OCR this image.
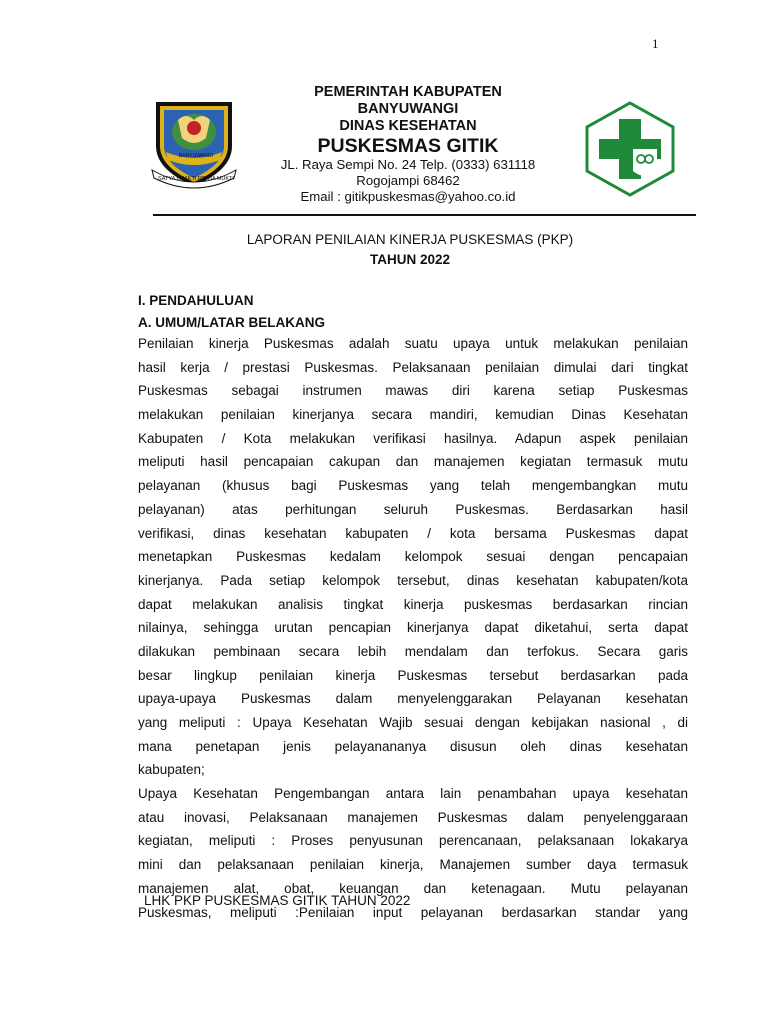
1
BANYUWANGI
SATYA BHAKTI PRAJA MUKTI
PEMERINTAH KABUPATEN
BANYUWANGI
DINAS KESEHATAN
PUSKESMAS GITIK
JL. Raya Sempi No. 24 Telp. (0333) 631118
Rogojampi 68462
Email : gitikpuskesmas@yahoo.co.id
LAPORAN PENILAIAN KINERJA PUSKESMAS (PKP)
TAHUN 2022
I. PENDAHULUAN
A. UMUM/LATAR BELAKANG
Penilaian kinerja Puskesmas adalah suatu upaya untuk melakukan penilaian
hasil kerja / prestasi Puskesmas. Pelaksanaan penilaian dimulai dari tingkat
Puskesmas sebagai instrumen mawas diri karena setiap Puskesmas
melakukan penilaian kinerjanya secara mandiri, kemudian Dinas Kesehatan
Kabupaten / Kota melakukan verifikasi hasilnya. Adapun aspek penilaian
meliputi hasil pencapaian cakupan dan manajemen kegiatan termasuk mutu
pelayanan (khusus bagi Puskesmas yang telah mengembangkan mutu
pelayanan) atas perhitungan seluruh Puskesmas. Berdasarkan hasil
verifikasi, dinas kesehatan kabupaten / kota bersama Puskesmas dapat
menetapkan Puskesmas kedalam kelompok sesuai dengan pencapaian
kinerjanya. Pada setiap kelompok tersebut, dinas kesehatan kabupaten/kota
dapat melakukan analisis tingkat kinerja puskesmas berdasarkan rincian
nilainya, sehingga urutan pencapian kinerjanya dapat diketahui, serta dapat
dilakukan pembinaan secara lebih mendalam dan terfokus. Secara garis
besar lingkup penilaian kinerja Puskesmas tersebut berdasarkan pada
upaya-upaya Puskesmas dalam menyelenggarakan Pelayanan kesehatan
yang meliputi : Upaya Kesehatan Wajib sesuai dengan kebijakan nasional , di
mana penetapan jenis pelayanananya disusun oleh dinas kesehatan
kabupaten;
Upaya Kesehatan Pengembangan antara lain penambahan upaya kesehatan
atau inovasi, Pelaksanaan manajemen Puskesmas dalam penyelenggaraan
kegiatan, meliputi : Proses penyusunan perencanaan, pelaksanaan lokakarya
mini dan pelaksanaan penilaian kinerja, Manajemen sumber daya termasuk
manajemen alat, obat, keuangan dan ketenagaan. Mutu pelayanan
Puskesmas, meliputi :Penilaian input pelayanan berdasarkan standar yang
LHK PKP PUSKESMAS GITIK TAHUN 2022
